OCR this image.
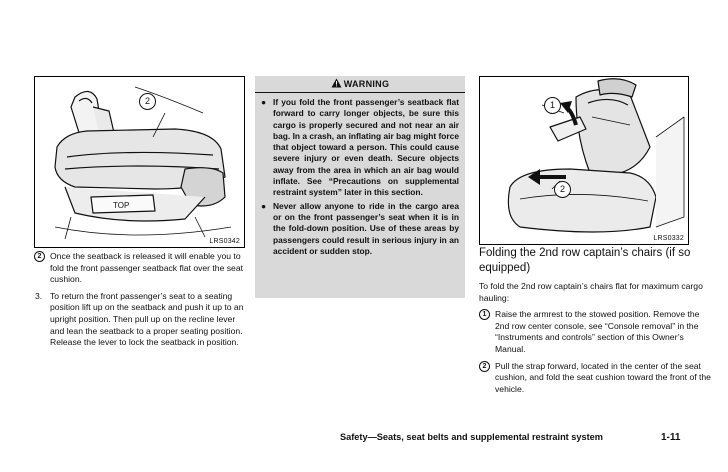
TOP
2
LRS0342
2 Once the seatback is released it will enable you to fold the front passenger seatback flat over the seat cushion.

3. To return the front passenger’s seat to a seating position lift up on the seatback and push it up to an upright position. Then pull up on the recline lever and lean the seatback to a proper seating position. Release the lever to lock the seatback in position.

WARNING
● If you fold the front passenger’s seatback flat forward to carry longer objects, be sure this cargo is properly secured and not near an air bag. In a crash, an inflating air bag might force that object toward a person. This could cause severe injury or even death. Secure objects away from the area in which an air bag would inflate. See “Precautions on supplemental restraint system” later in this section.
● Never allow anyone to ride in the cargo area or on the front passenger’s seat when it is in the fold-down position. Use of these areas by passengers could result in serious injury in an accident or sudden stop.
1
2
LRS0332
Folding the 2nd row captain’s chairs (if so equipped)

To fold the 2nd row captain’s chairs flat for maximum cargo hauling:

1 Raise the armrest to the stowed position. Remove the 2nd row center console, see “Console removal” in the “Instruments and controls” section of this Owner’s Manual.

2 Pull the strap forward, located in the center of the seat cushion, and fold the seat cushion toward the front of the vehicle.

Safety—Seats, seat belts and supplemental restraint system	1-11
